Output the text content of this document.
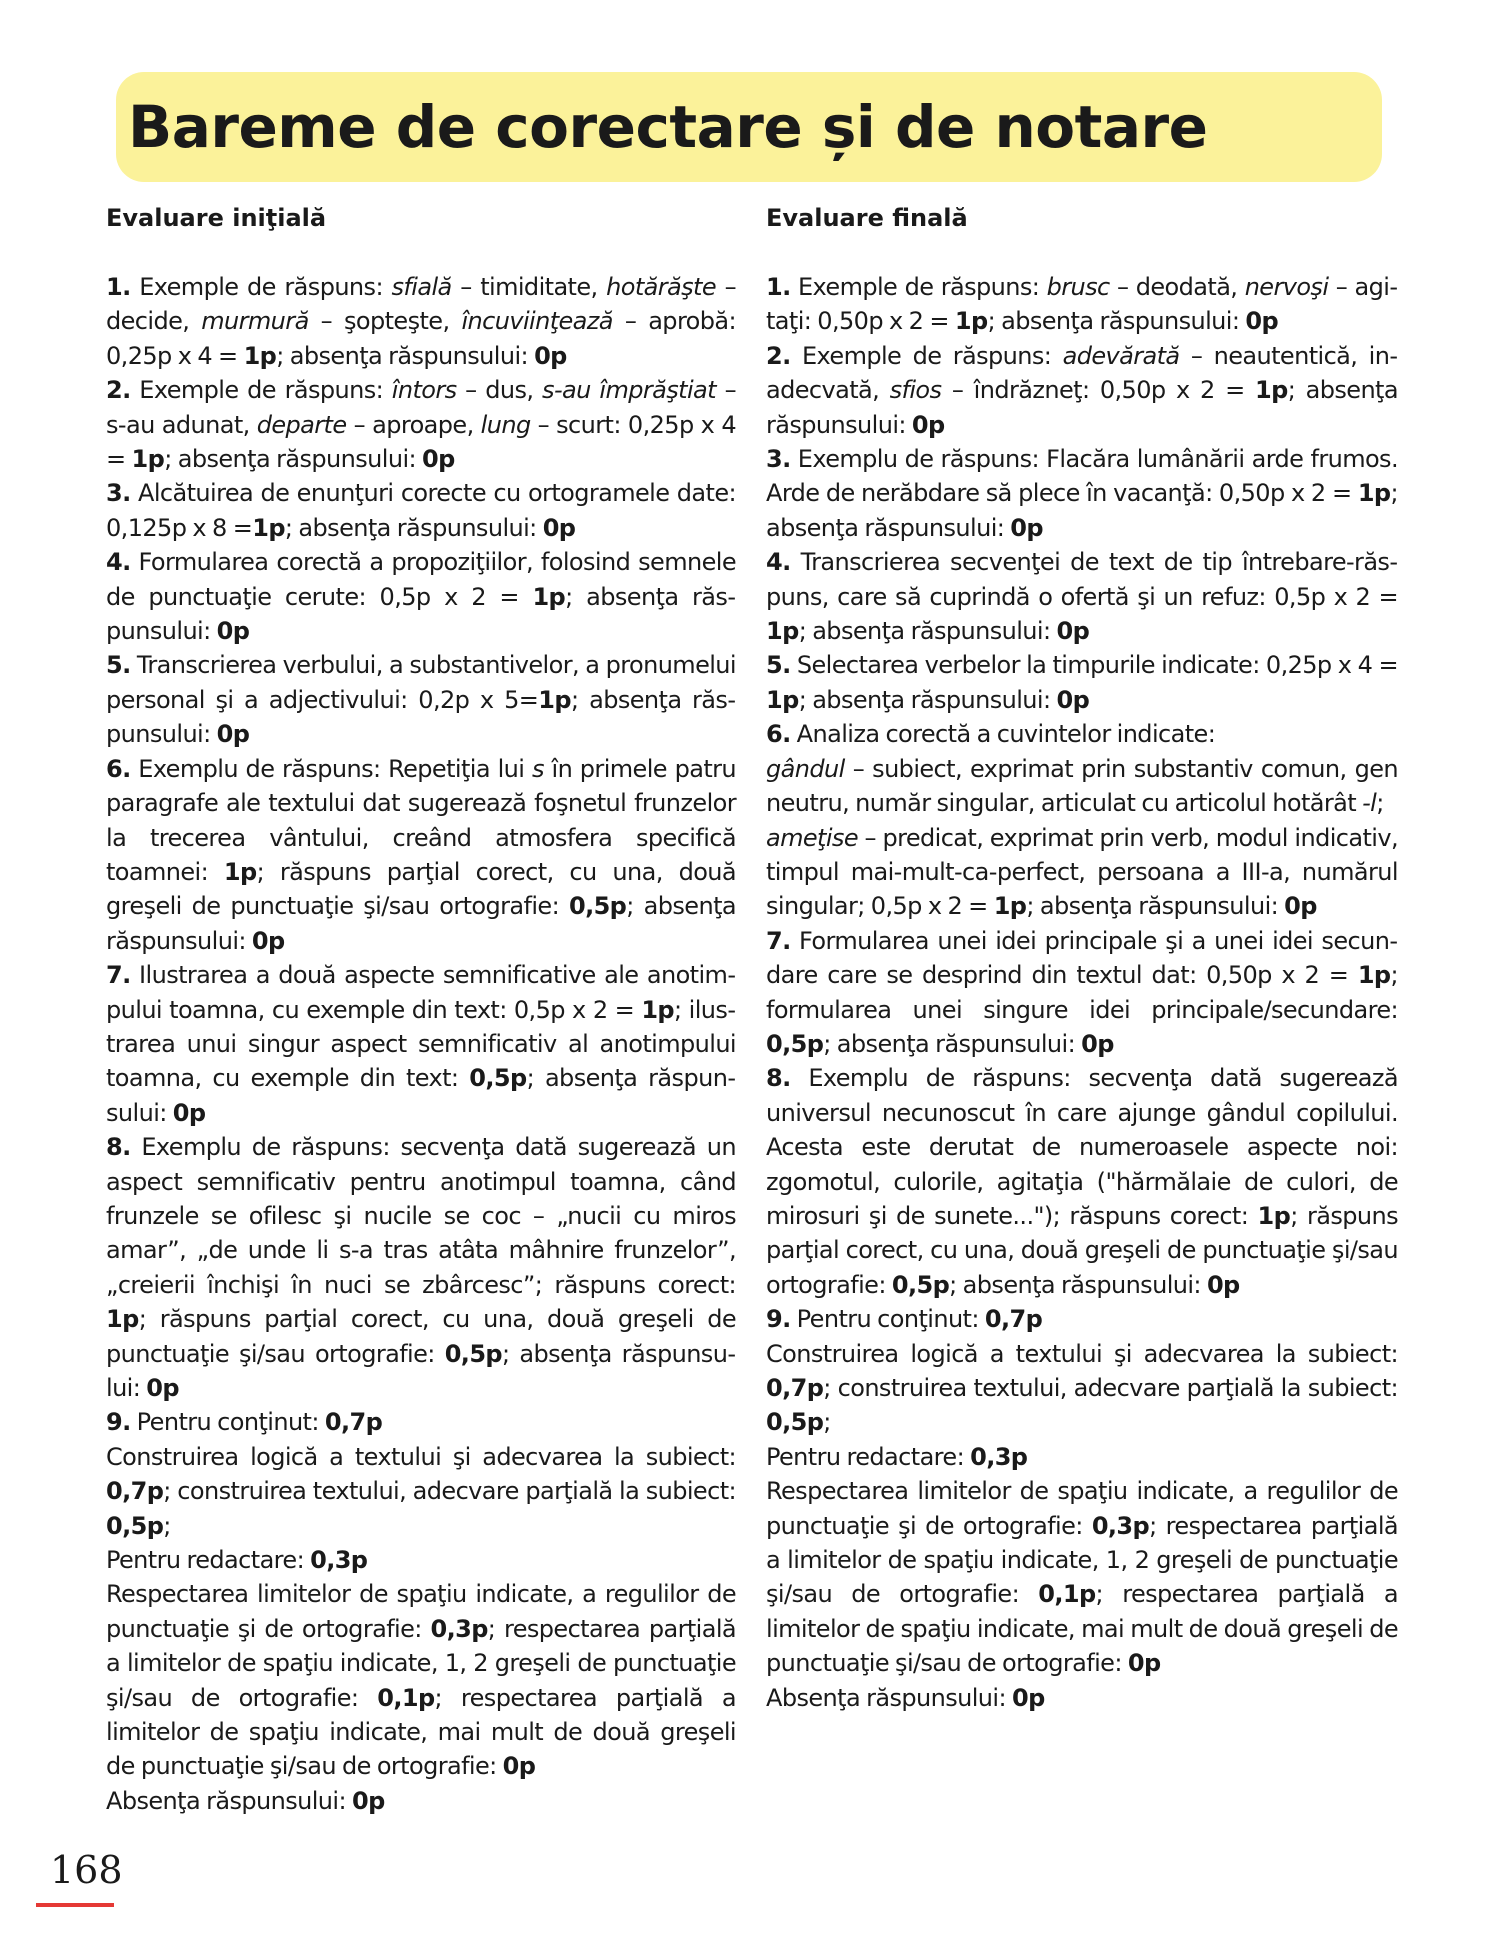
Bareme de corectare și de notare
Evaluare iniţială

1. Exemple de răspuns: sfială – timiditate, hotărăşte – decide, murmură – şopteşte, încuviinţează – aprobă: 0,25p x 4 = 1p; absenţa răspunsului: 0p

2. Exemple de răspuns: întors – dus, s-au împrăştiat – s-au adunat, departe – aproape, lung – scurt: 0,25p x 4 = 1p; absenţa răspunsului: 0p

3. Alcătuirea de enunţuri corecte cu ortogramele date: 0,125p x 8 =1p; absenţa răspunsului: 0p

4. Formularea corectă a propoziţiilor, folosind semnele de punctuaţie cerute: 0,5p x 2 = 1p; absenţa răspunsului: 0p

5. Transcrierea verbului, a substantivelor, a pronumelui personal şi a adjectivului: 0,2p x 5=1p; absenţa răspunsului: 0p

6. Exemplu de răspuns: Repetiţia lui s în primele patru paragrafe ale textului dat sugerează foşnetul frunzelor la trecerea vântului, creând atmosfera specifică toamnei: 1p; răspuns parţial corect, cu una, două greşeli de punctuaţie şi/sau ortografie: 0,5p; absenţa răspunsului: 0p

7. Ilustrarea a două aspecte semnificative ale anotimpului toamna, cu exemple din text: 0,5p x 2 = 1p; ilustrarea unui singur aspect semnificativ al anotimpului toamna, cu exemple din text: 0,5p; absenţa răspunsului: 0p

8. Exemplu de răspuns: secvenţa dată sugerează un aspect semnificativ pentru anotimpul toamna, când frunzele se ofilesc şi nucile se coc – „nucii cu miros amar”, „de unde li s-a tras atâta mâhnire frunzelor”, „creierii închişi în nuci se zbârcesc”; răspuns corect: 1p; răspuns parţial corect, cu una, două greşeli de punctuaţie şi/sau ortografie: 0,5p; absenţa răspunsului: 0p

9. Pentru conţinut: 0,7p

Construirea logică a textului şi adecvarea la subiect: 0,7p; construirea textului, adecvare parţială la subiect: 0,5p;

Pentru redactare: 0,3p

Respectarea limitelor de spaţiu indicate, a regulilor de punctuaţie şi de ortografie: 0,3p; respectarea parţială a limitelor de spaţiu indicate, 1, 2 greşeli de punctuaţie şi/sau de ortografie: 0,1p; respectarea parţială a limitelor de spaţiu indicate, mai mult de două greşeli de punctuaţie şi/sau de ortografie: 0p

Absenţa răspunsului: 0p

Evaluare finală

1. Exemple de răspuns: brusc – deodată, nervoşi – agitaţi: 0,50p x 2 = 1p; absenţa răspunsului: 0p

2. Exemple de răspuns: adevărată – neautentică, inadecvată, sfios – îndrăzneţ: 0,50p x 2 = 1p; absenţa răspunsului: 0p

3. Exemplu de răspuns: Flacăra lumânării arde frumos. Arde de nerăbdare să plece în vacanţă: 0,50p x 2 = 1p; absenţa răspunsului: 0p

4. Transcrierea secvenţei de text de tip întrebare-răspuns, care să cuprindă o ofertă şi un refuz: 0,5p x 2 = 1p; absenţa răspunsului: 0p

5. Selectarea verbelor la timpurile indicate: 0,25p x 4 = 1p; absenţa răspunsului: 0p

6. Analiza corectă a cuvintelor indicate:

gândul – subiect, exprimat prin substantiv comun, gen neutru, număr singular, articulat cu articolul hotărât -l;

ameţise – predicat, exprimat prin verb, modul indicativ, timpul mai-mult-ca-perfect, persoana a III-a, numărul singular; 0,5p x 2 = 1p; absenţa răspunsului: 0p

7. Formularea unei idei principale şi a unei idei secundare care se desprind din textul dat: 0,50p x 2 = 1p; formularea unei singure idei principale/secundare: 0,5p; absenţa răspunsului: 0p

8. Exemplu de răspuns: secvenţa dată sugerează universul necunoscut în care ajunge gândul copilului. Acesta este derutat de numeroasele aspecte noi: zgomotul, culorile, agitaţia ("hărmălaie de culori, de mirosuri şi de sunete..."); răspuns corect: 1p; răspuns parţial corect, cu una, două greşeli de punctuaţie şi/sau ortografie: 0,5p; absenţa răspunsului: 0p

9. Pentru conţinut: 0,7p

Construirea logică a textului şi adecvarea la subiect: 0,7p; construirea textului, adecvare parţială la subiect: 0,5p;

Pentru redactare: 0,3p

Respectarea limitelor de spaţiu indicate, a regulilor de punctuaţie şi de ortografie: 0,3p; respectarea parţială a limitelor de spaţiu indicate, 1, 2 greşeli de punctuaţie şi/sau de ortografie: 0,1p; respectarea parţială a limitelor de spaţiu indicate, mai mult de două greşeli de punctuaţie şi/sau de ortografie: 0p

Absenţa răspunsului: 0p

168
